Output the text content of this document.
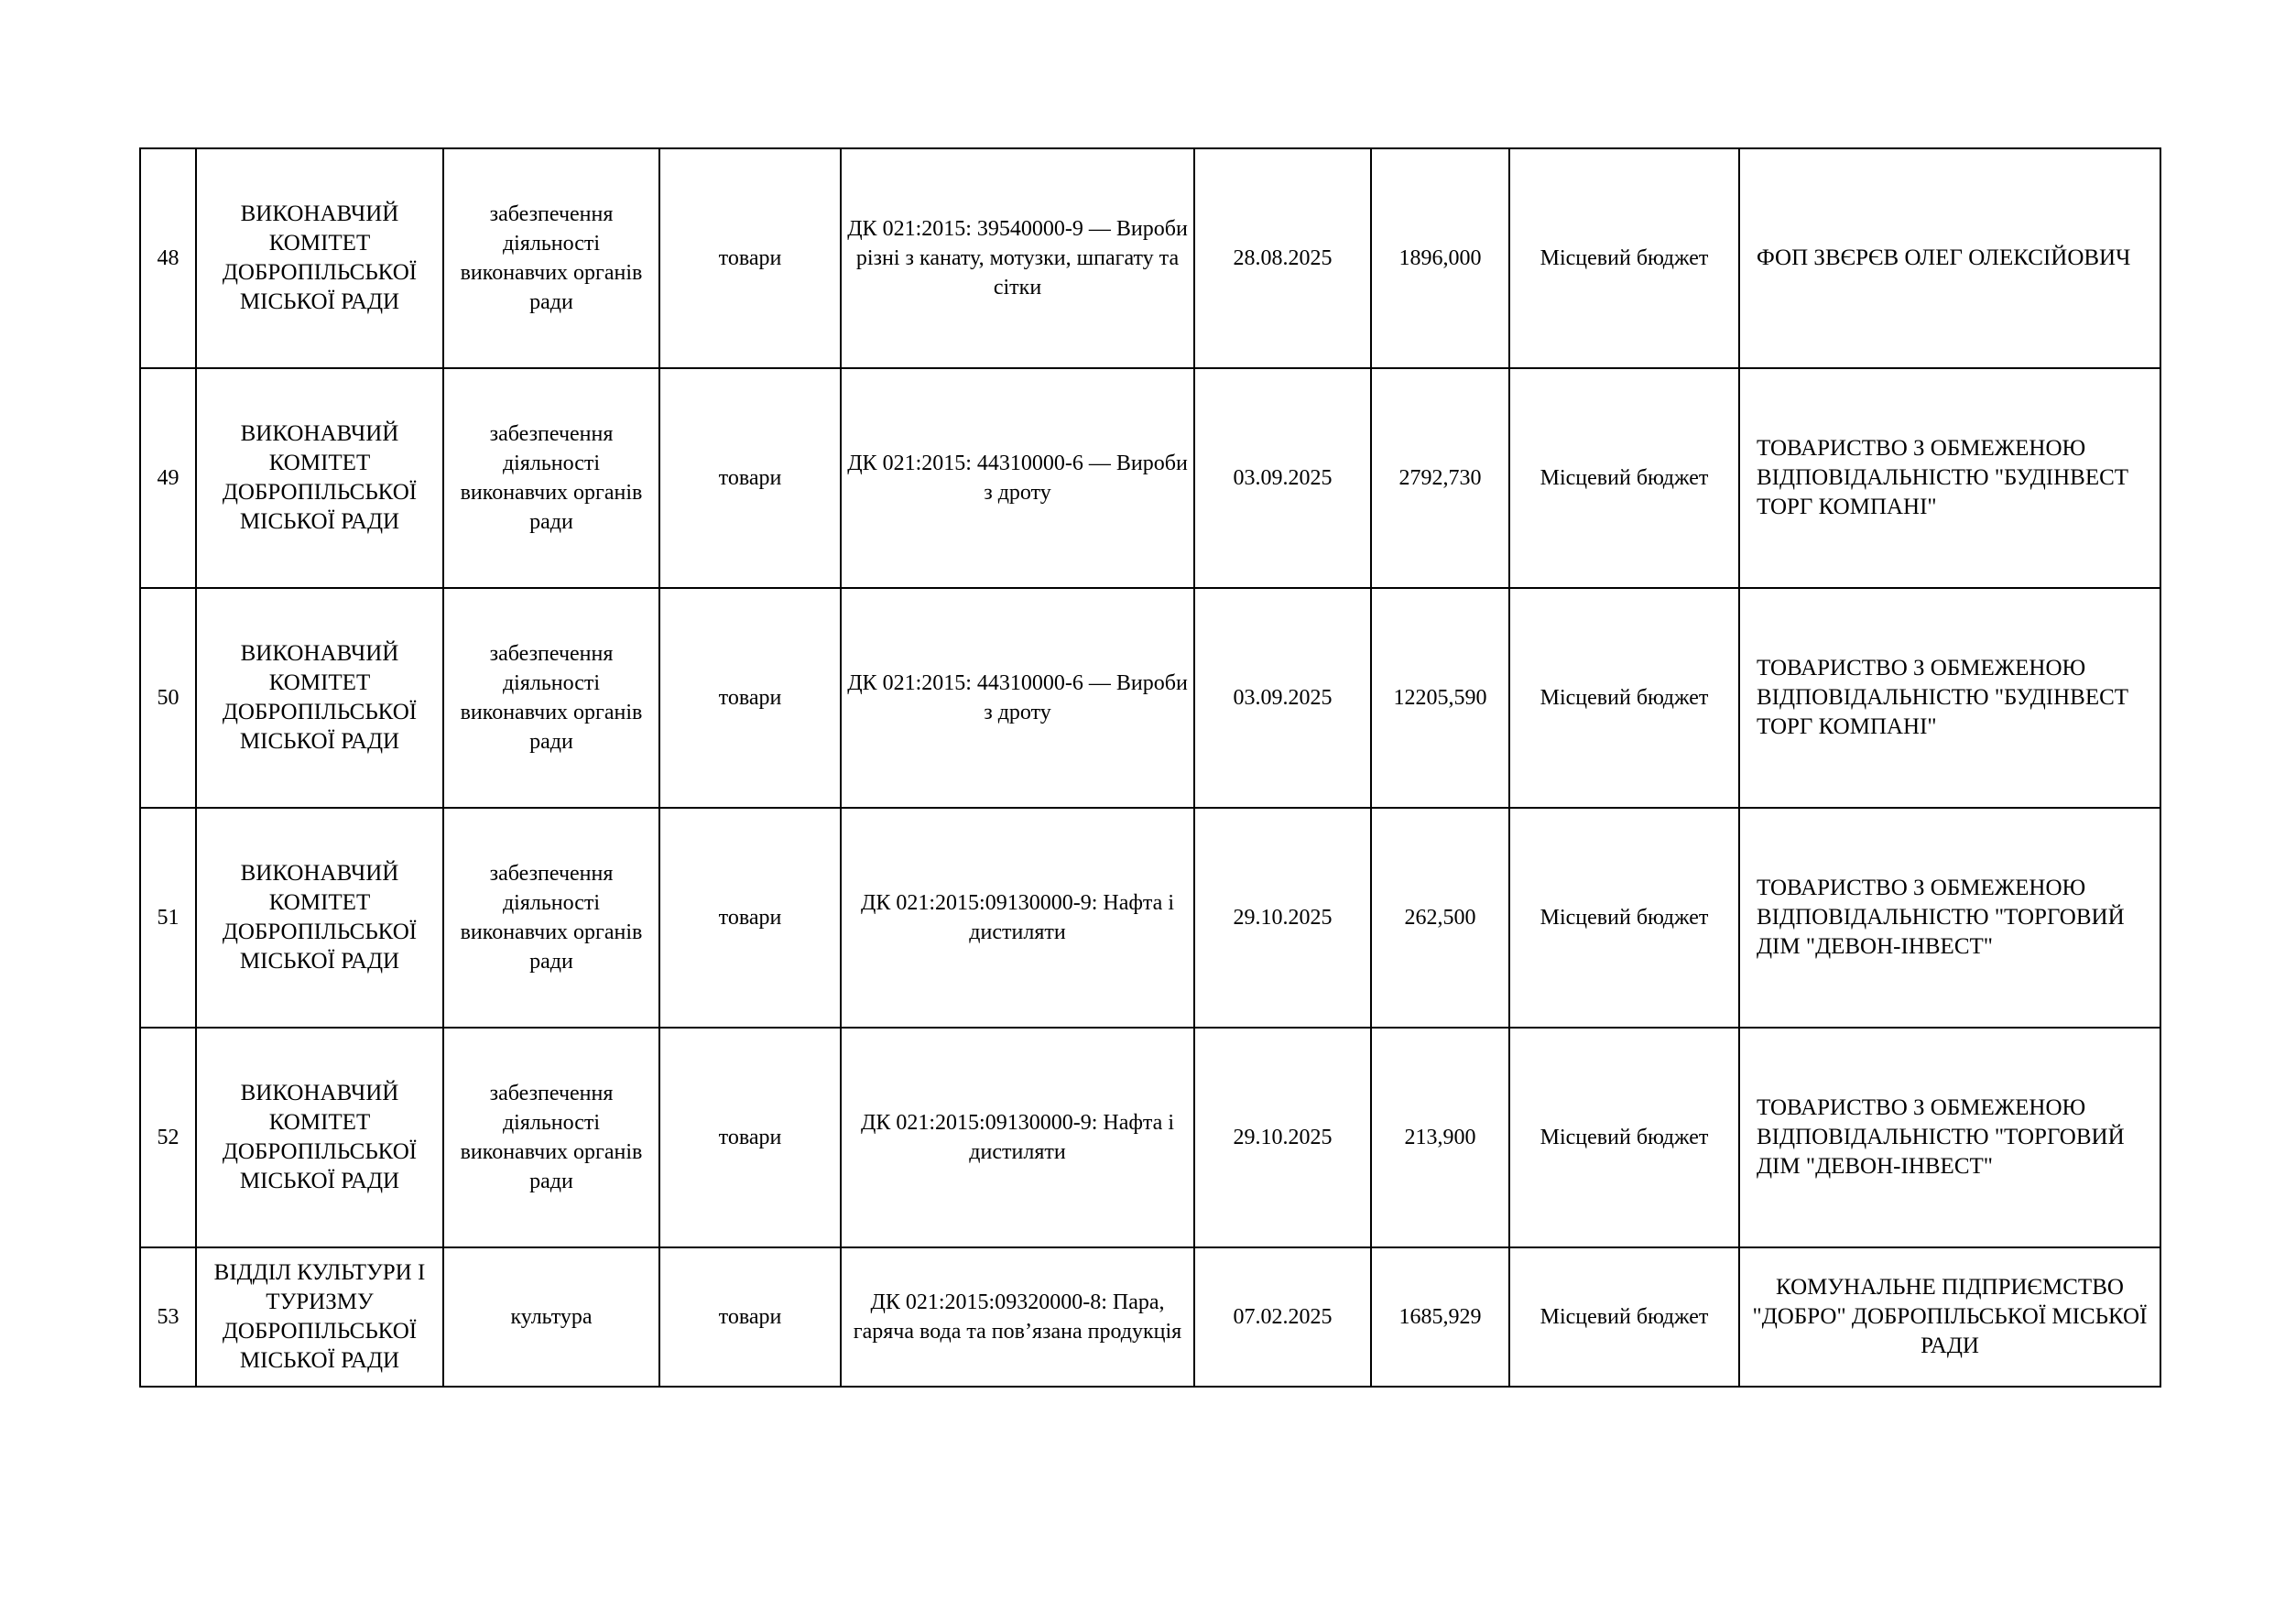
48	ВИКОНАВЧИЙ КОМІТЕТ ДОБРОПІЛЬСЬКОЇ МІСЬКОЇ РАДИ	забезпечення діяльності виконавчих органів ради	товари	ДК 021:2015: 39540000-9 — Вироби різні з канату, мотузки, шпагату та сітки	28.08.2025	1896,000	Місцевий бюджет	ФОП ЗВЄРЄВ ОЛЕГ ОЛЕКСІЙОВИЧ
49	ВИКОНАВЧИЙ КОМІТЕТ ДОБРОПІЛЬСЬКОЇ МІСЬКОЇ РАДИ	забезпечення діяльності виконавчих органів ради	товари	ДК 021:2015: 44310000-6 — Вироби з дроту	03.09.2025	2792,730	Місцевий бюджет	ТОВАРИСТВО З ОБМЕЖЕНОЮ ВІДПОВІДАЛЬНІСТЮ "БУДІНВЕСТ ТОРГ КОМПАНІ"
50	ВИКОНАВЧИЙ КОМІТЕТ ДОБРОПІЛЬСЬКОЇ МІСЬКОЇ РАДИ	забезпечення діяльності виконавчих органів ради	товари	ДК 021:2015: 44310000-6 — Вироби з дроту	03.09.2025	12205,590	Місцевий бюджет	ТОВАРИСТВО З ОБМЕЖЕНОЮ ВІДПОВІДАЛЬНІСТЮ "БУДІНВЕСТ ТОРГ КОМПАНІ"
51	ВИКОНАВЧИЙ КОМІТЕТ ДОБРОПІЛЬСЬКОЇ МІСЬКОЇ РАДИ	забезпечення діяльності виконавчих органів ради	товари	ДК 021:2015:09130000-9: Нафта і дистиляти	29.10.2025	262,500	Місцевий бюджет	ТОВАРИСТВО З ОБМЕЖЕНОЮ ВІДПОВІДАЛЬНІСТЮ "ТОРГОВИЙ ДІМ "ДЕВОН-ІНВЕСТ"
52	ВИКОНАВЧИЙ КОМІТЕТ ДОБРОПІЛЬСЬКОЇ МІСЬКОЇ РАДИ	забезпечення діяльності виконавчих органів ради	товари	ДК 021:2015:09130000-9: Нафта і дистиляти	29.10.2025	213,900	Місцевий бюджет	ТОВАРИСТВО З ОБМЕЖЕНОЮ ВІДПОВІДАЛЬНІСТЮ "ТОРГОВИЙ ДІМ "ДЕВОН-ІНВЕСТ"
53	ВІДДІЛ КУЛЬТУРИ І ТУРИЗМУ ДОБРОПІЛЬСЬКОЇ МІСЬКОЇ РАДИ	культура	товари	ДК 021:2015:09320000-8: Пара, гаряча вода та пов’язана продукція	07.02.2025	1685,929	Місцевий бюджет	КОМУНАЛЬНЕ ПІДПРИЄМСТВО "ДОБРО" ДОБРОПІЛЬСЬКОЇ МІСЬКОЇ РАДИ
